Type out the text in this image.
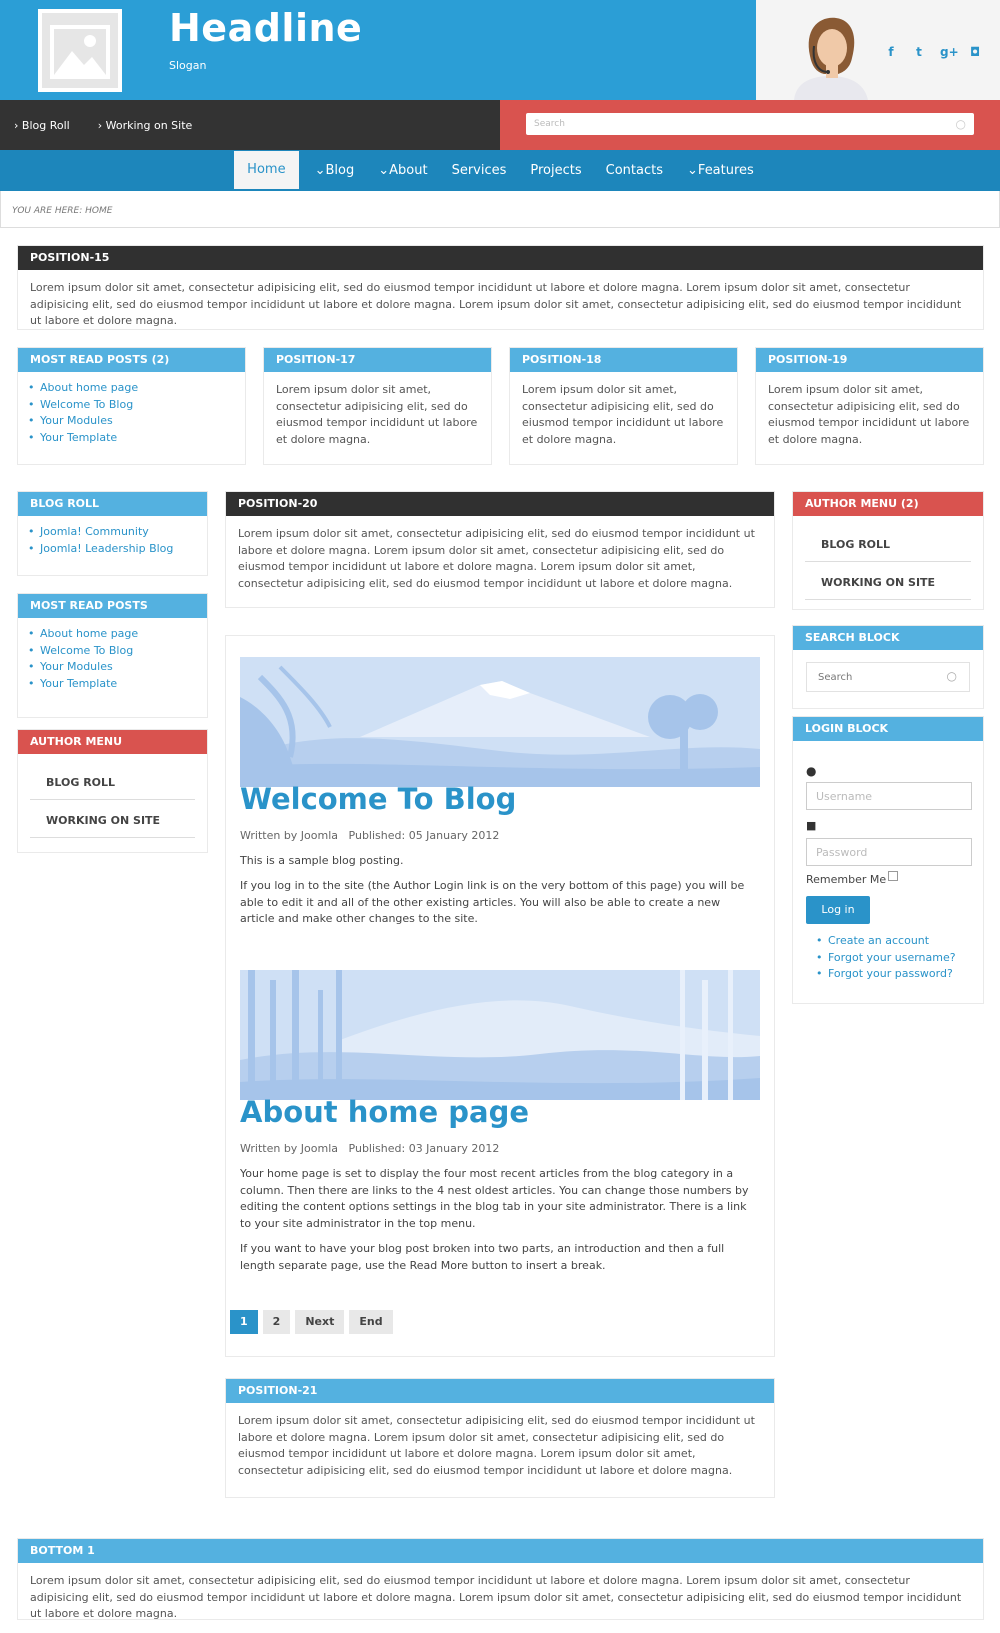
Headline
Slogan
f	t	g+ ◘
› Blog Roll	› Working on Site	Search	○
Home	⌄Blog	⌄About	Services	Projects	Contacts	⌄Features
YOU ARE HERE: HOME
POSITION-15
Lorem ipsum dolor sit amet, consectetur adipisicing elit, sed do eiusmod tempor incididunt ut labore et dolore magna. Lorem ipsum dolor sit amet, consectetur adipisicing elit, sed do eiusmod tempor incididunt ut labore et dolore magna. Lorem ipsum dolor sit amet, consectetur adipisicing elit, sed do eiusmod tempor incididunt ut labore et dolore magna.
MOST READ POSTS (2)
• About home page
• Welcome To Blog
• Your Modules
• Your Template
POSITION-17
Lorem ipsum dolor sit amet, consectetur adipisicing elit, sed do eiusmod tempor incididunt ut labore et dolore magna.
POSITION-18
Lorem ipsum dolor sit amet, consectetur adipisicing elit, sed do eiusmod tempor incididunt ut labore et dolore magna.
POSITION-19
Lorem ipsum dolor sit amet, consectetur adipisicing elit, sed do eiusmod tempor incididunt ut labore et dolore magna.
BLOG ROLL
• Joomla! Community
• Joomla! Leadership Blog
MOST READ POSTS
• About home page
• Welcome To Blog
• Your Modules
• Your Template
AUTHOR MENU
BLOG ROLL
WORKING ON SITE
POSITION-20
Lorem ipsum dolor sit amet, consectetur adipisicing elit, sed do eiusmod tempor incididunt ut labore et dolore magna. Lorem ipsum dolor sit amet, consectetur adipisicing elit, sed do eiusmod tempor incididunt ut labore et dolore magna. Lorem ipsum dolor sit amet, consectetur adipisicing elit, sed do eiusmod tempor incididunt ut labore et dolore magna.
Welcome To Blog
Written by Joomla Published: 05 January 2012
This is a sample blog posting.
If you log in to the site (the Author Login link is on the very bottom of this page) you will be able to edit it and all of the other existing articles. You will also be able to create a new article and make other changes to the site.
About home page
Written by Joomla Published: 03 January 2012
Your home page is set to display the four most recent articles from the blog category in a column. Then there are links to the 4 nest oldest articles. You can change those numbers by editing the content options settings in the blog tab in your site administrator. There is a link to your site administrator in the top menu.
If you want to have your blog post broken into two parts, an introduction and then a full length separate page, use the Read More button to insert a break.
1	2	Next	End
POSITION-21
Lorem ipsum dolor sit amet, consectetur adipisicing elit, sed do eiusmod tempor incididunt ut labore et dolore magna. Lorem ipsum dolor sit amet, consectetur adipisicing elit, sed do eiusmod tempor incididunt ut labore et dolore magna. Lorem ipsum dolor sit amet, consectetur adipisicing elit, sed do eiusmod tempor incididunt ut labore et dolore magna.
AUTHOR MENU (2)
BLOG ROLL
WORKING ON SITE
SEARCH BLOCK
Search	○
LOGIN BLOCK
●
Username
■
Password
Remember Me
Log in
• Create an account
• Forgot your username?
• Forgot your password?
BOTTOM 1
Lorem ipsum dolor sit amet, consectetur adipisicing elit, sed do eiusmod tempor incididunt ut labore et dolore magna. Lorem ipsum dolor sit amet, consectetur adipisicing elit, sed do eiusmod tempor incididunt ut labore et dolore magna. Lorem ipsum dolor sit amet, consectetur adipisicing elit, sed do eiusmod tempor incididunt ut labore et dolore magna.
